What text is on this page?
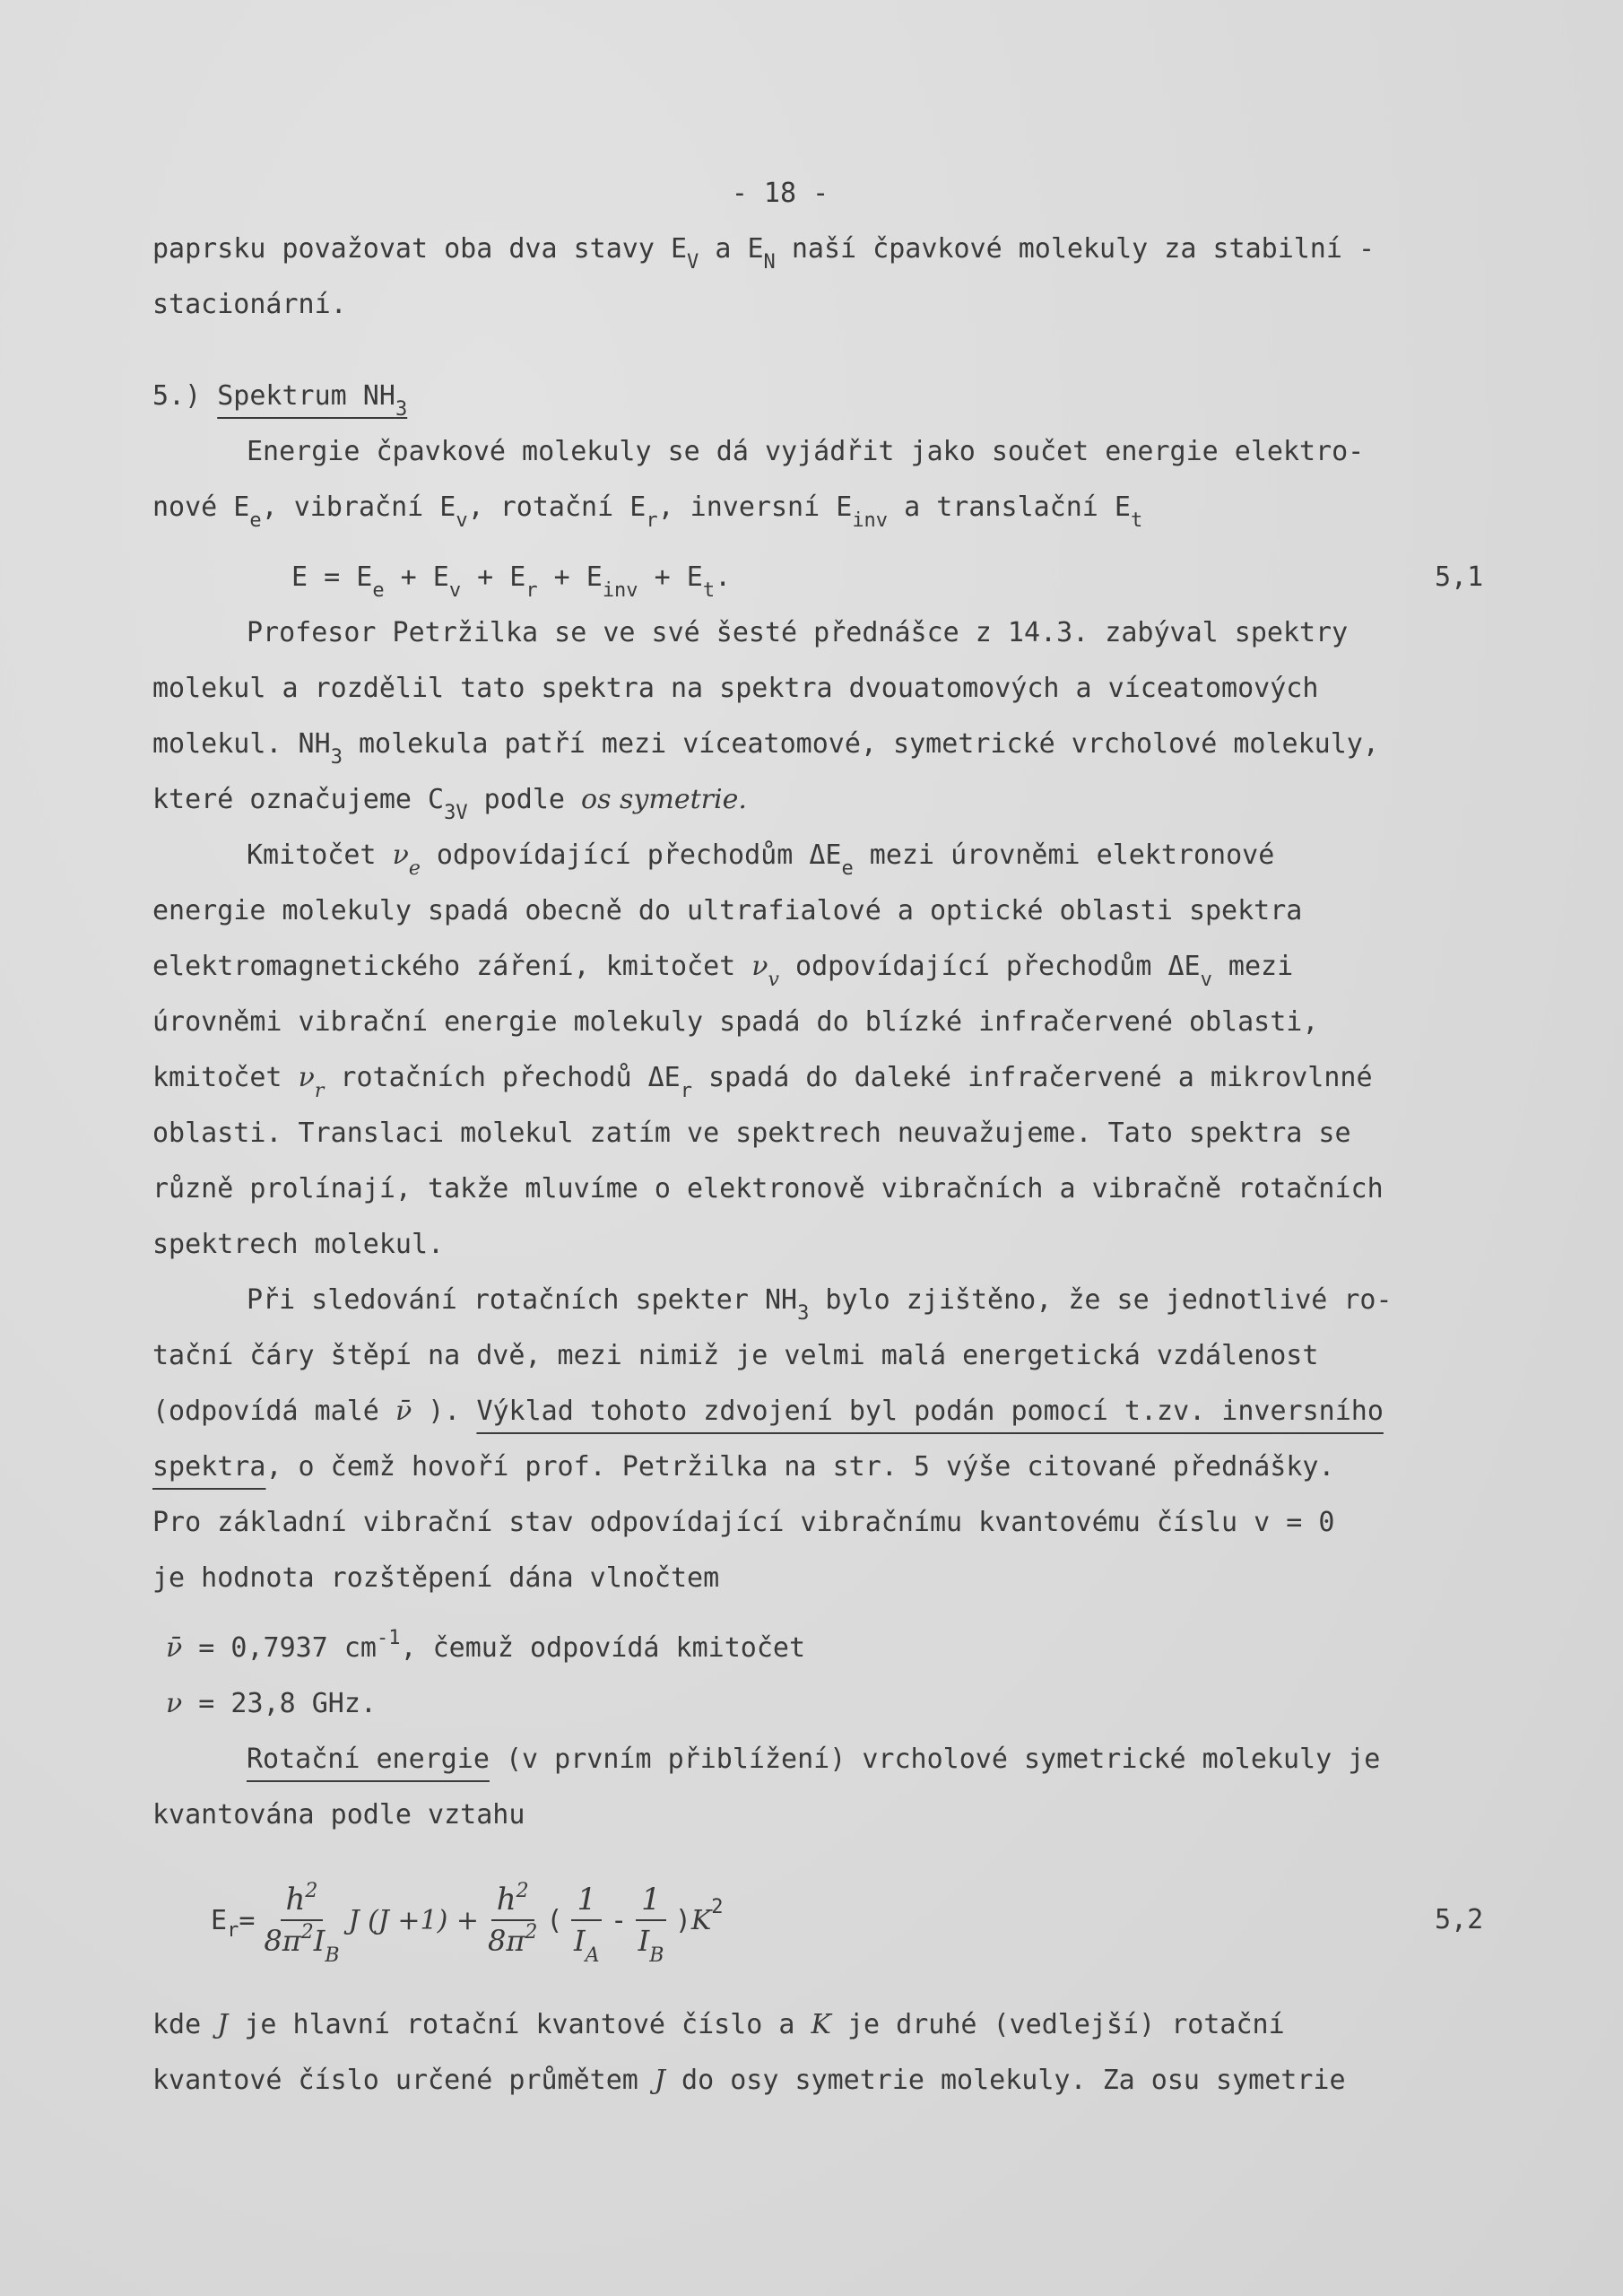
- 18 -
paprsku považovat oba dva stavy $E_V$ a $E_N$ naší čpavkové molekuly za stabilní -
stacionární.
5.) Spektrum $NH_3$
Energie čpavkové molekuly se dá vyjádřit jako součet energie elektro-
nové $E_e$, vibrační $E_v$, rotační $E_r$, inversní $E_{inv}$ a translační $E_t$
$E = E_e + E_v + E_r + E_{inv} + E_t$.	5,1
Profesor Petržilka se ve své šesté přednášce z 14.3. zabýval spektry
molekul a rozdělil tato spektra na spektra dvouatomových a víceatomových
molekul. $NH_3$ molekula patří mezi víceatomové, symetrické vrcholové molekuly,
které označujeme $C_{3V}$ podle os symetrie.
Kmitočet $\nu_e$ odpovídající přechodům $\Delta E_e$ mezi úrovněmi elektronové
energie molekuly spadá obecně do ultrafialové a optické oblasti spektra
elektromagnetického záření, kmitočet $\nu_v$ odpovídající přechodům $\Delta E_v$ mezi
úrovněmi vibrační energie molekuly spadá do blízké infračervené oblasti,
kmitočet $\nu_r$ rotačních přechodů $\Delta E_r$ spadá do daleké infračervené a mikrovlnné
oblasti. Translaci molekul zatím ve spektrech neuvažujeme. Tato spektra se
různě prolínají, takže mluvíme o elektronově vibračních a vibračně rotačních
spektrech molekul.
Při sledování rotačních spekter $NH_3$ bylo zjištěno, že se jednotlivé ro-
tační čáry štěpí na dvě, mezi nimiž je velmi malá energetická vzdálenost
(odpovídá malé ν̄ ). Výklad tohoto zdvojení byl podán pomocí t.zv. inversního
spektra, o čemž hovoří prof. Petržilka na str. 5 výše citované přednášky.
Pro základní vibrační stav odpovídající vibračnímu kvantovému číslu v = 0
je hodnota rozštěpení dána vlnočtem
ν̄ = 0,7937 $cm^{-1}$, čemuž odpovídá kmitočet
ν = 23,8 GHz.
Rotační energie (v prvním přiblížení) vrcholové symetrické molekuly je
kvantována podle vztahu
E $r = \frac{h^2}{8\pi^2I_B}$ J $(J +1) + \frac{h^2}{8\pi^2}$ ( $\frac{1}{I_A} - \frac{1}{I_B}$ ) K 2	5,2
kde J je hlavní rotační kvantové číslo a K je druhé (vedlejší) rotační
kvantové číslo určené průmětem J do osy symetrie molekuly. Za osu symetrie
